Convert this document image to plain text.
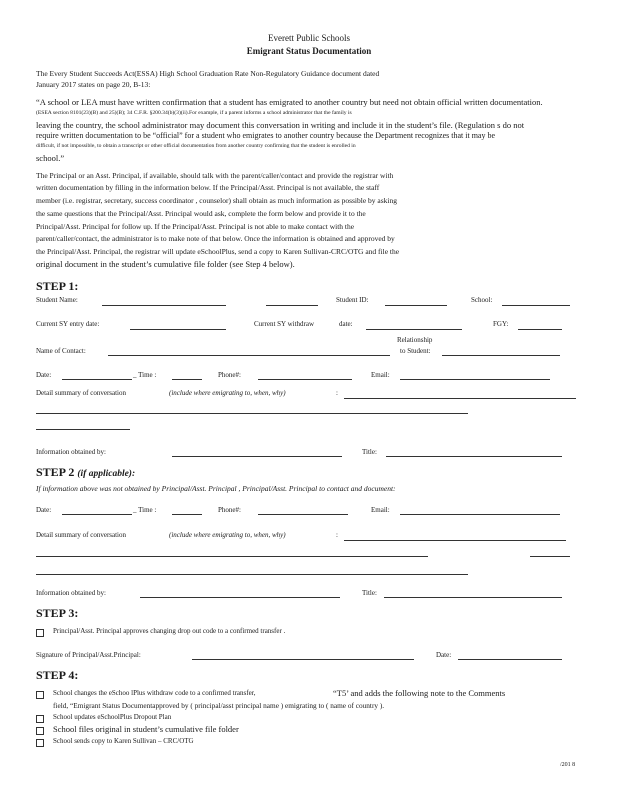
Everett Public Schools
Emigrant Status Documentation
The Every Student Succeeds Act(ESSA) High School Graduation Rate Non-Regulatory Guidance document dated
January 2017 states on page 20, B-13:
“A school or LEA must have written confirmation that a student has emigrated to another country but need not obtain official written documentation.
(ESEA section 8101(23)(B) and 25)(B); 34 C.F.R. §200.34(b)(3)(ii).For example, if a parent informs a school administrator that the family is
leaving the country, the school administrator may document this conversation in writing and include it in the student’s file. (Regulation s do not
require written documentation to be “official” for a student who emigrates to another country because the Department recognizes that it may be
difficult, if not impossible, to obtain a transcript or other official documentation from another country confirming that the student is enrolled in
school.”
The Principal or an Asst. Principal, if available, should talk with the parent/caller/contact and provide the registrar with
written documentation by filling in the information below. If the Principal/Asst. Principal is not available, the staff
member (i.e. registrar, secretary, success coordinator , counselor) shall obtain as much information as possible by asking
the same questions that the Principal/Asst. Principal would ask, complete the form below and provide it to the
Principal/Asst. Principal for follow up. If the Principal/Asst. Principal is not able to make contact with the
parent/caller/contact, the administrator is to make note of that below. Once the information is obtained and approved by
the Principal/Asst. Principal, the registrar will update eSchoolPlus, send a copy to Karen Sullivan-CRC/OTG and file the
original document in the student’s cumulative file folder (see Step 4 below).
STEP 1:
Student Name:	Student ID:	School:
Current SY entry date:	Current SY withdraw	date:	FGY:
Relationship
Name of Contact:	to Student:
Date:	_ Time :	Phone#:	Email:
Detail summary of conversation	(include where emigrating to, when, why)	:
Information obtained by:	Title:
STEP 2 (if applicable):
If information above was not obtained by Principal/Asst. Principal , Principal/Asst. Principal to contact and document:
Date:	_ Time :	Phone#:	Email:
Detail summary of conversation	(include where emigrating to, when, why)	:
Information obtained by:	Title:
STEP 3:
Principal/Asst. Principal approves changing drop out code to a confirmed transfer .
Signature of Principal/Asst.Principal:	Date:
STEP 4:
School changes the eSchoo lPlus withdraw code to a confirmed transfer,	“T5’ and adds the following note to the Comments
field, “Emigrant Status Documentapproved by ( principal/asst principal name ) emigrating to ( name of country ).
School updates eSchoolPlus Dropout Plan
School files original in student’s cumulative file folder
School sends copy to Karen Sullivan – CRC/OTG
/201 8
